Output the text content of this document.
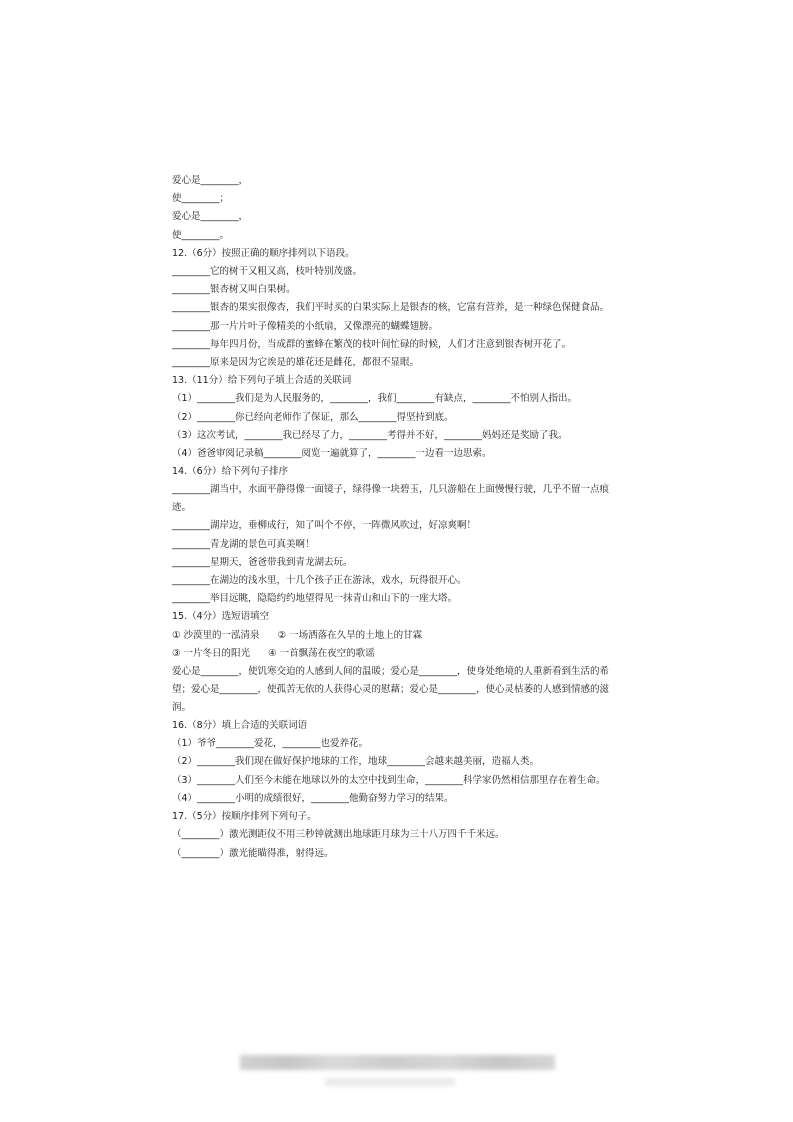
爱心是________，
使________；
爱心是________，
使________。
12.（6分）按照正确的顺序排列以下语段。
________它的树干又粗又高，枝叶特别茂盛。
________银杏树又叫白果树。
________银杏的果实很像杏，我们平时买的白果实际上是银杏的核，它富有营养，是一种绿色保健食品。
________那一片片叶子像精美的小纸扇，又像漂亮的蝴蝶翅膀。
________每年四月份，当成群的蜜蜂在繁茂的枝叶间忙碌的时候，人们才注意到银杏树开花了。
________原来是因为它诶是的雄花还是雌花，都很不显眼。
13.（11分）给下列句子填上合适的关联词
（1）________我们是为人民服务的，________，我们________有缺点，________不怕别人指出。
（2）________你已经向老师作了保证，那么________得坚持到底。
（3）这次考试，________我已经尽了力，________考得并不好，________妈妈还是奖励了我。
（4）爸爸审阅记录稿________阅览一遍就算了，________一边看一边思索。
14.（6分）给下列句子排序
________湖当中，水面平静得像一面镜子，绿得像一块碧玉，几只游船在上面慢慢行驶，几乎不留一点痕迹。
________湖岸边，垂柳成行，知了叫个不停，一阵微风吹过，好凉爽啊！
________青龙湖的景色可真美啊！
________星期天，爸爸带我到青龙湖去玩。
________在湖边的浅水里，十几个孩子正在游泳，戏水，玩得很开心。
________举目远眺，隐隐约约地望得见一抹青山和山下的一座大塔。
15.（4分）选短语填空
① 沙漠里的一泓清泉 ② 一场洒落在久旱的土地上的甘霖
③ 一片冬日的阳光 ④ 一首飘荡在夜空的歌谣
爱心是________，使饥寒交迫的人感到人间的温暖；爱心是________，使身处绝境的人重新看到生活的希望；爱心是________，使孤苦无依的人获得心灵的慰藉；爱心是________，使心灵枯萎的人感到情感的滋润。
16.（8分）填上合适的关联词语
（1）爷爷________爱花，________也爱养花。
（2）________我们现在做好保护地球的工作，地球________会越来越美丽，造福人类。
（3）________人们至今未能在地球以外的太空中找到生命，________科学家仍然相信那里存在着生命。
（4）________小明的成绩很好，________他勤奋努力学习的结果。
17.（5分）按顺序排列下列句子。
（________）激光测距仪不用三秒钟就测出地球距月球为三十八万四千千米远。
（________）激光能瞄得准，射得远。
